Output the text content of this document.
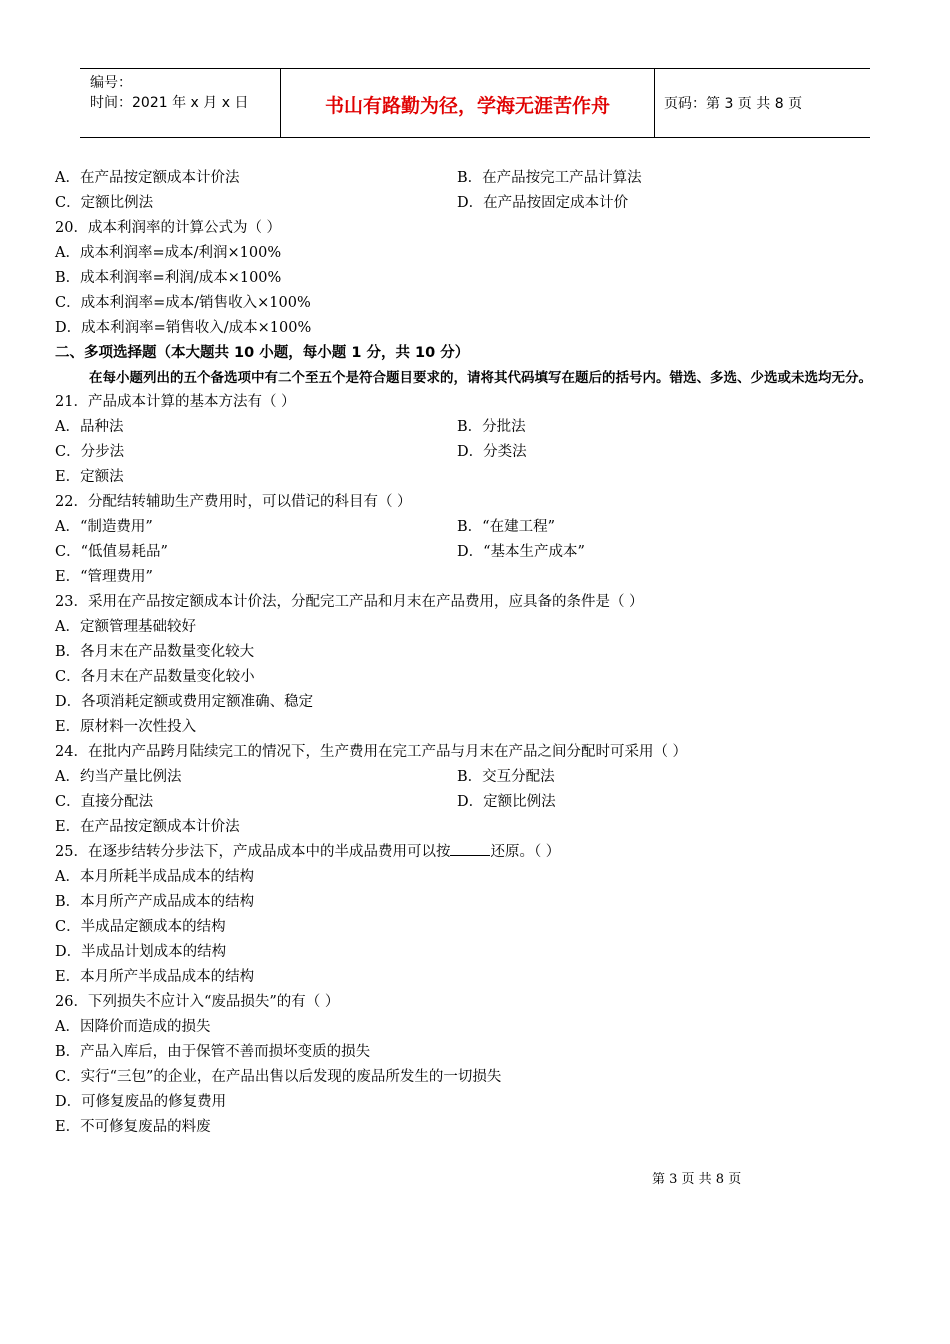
编号：
时间：2021 年 x 月 x 日	书山有路勤为径，学海无涯苦作舟	页码：第 3 页 共 8 页
A．在产品按定额成本计价法	B．在产品按完工产品计算法
C．定额比例法	D．在产品按固定成本计价
20．成本利润率的计算公式为（ ）
A．成本利润率=成本/利润×100%
B．成本利润率=利润/成本×100%
C．成本利润率=成本/销售收入×100%
D．成本利润率=销售收入/成本×100%
二、多项选择题（本大题共 10 小题，每小题 1 分，共 10 分）
在每小题列出的五个备选项中有二个至五个是符合题目要求的，请将其代码填写在题后的括号内。错选、多选、少选或未选均无分。
21．产品成本计算的基本方法有（ ）
A．品种法	B．分批法
C．分步法	D．分类法
E．定额法
22．分配结转辅助生产费用时，可以借记的科目有（ ）
A．“制造费用”	B．“在建工程”
C．“低值易耗品”	D．“基本生产成本”
E．“管理费用”
23．采用在产品按定额成本计价法，分配完工产品和月末在产品费用，应具备的条件是（ ）
A．定额管理基础较好
B．各月末在产品数量变化较大
C．各月末在产品数量变化较小
D．各项消耗定额或费用定额准确、稳定
E．原材料一次性投入
24．在批内产品跨月陆续完工的情况下，生产费用在完工产品与月末在产品之间分配时可采用（ ）
A．约当产量比例法	B．交互分配法
C．直接分配法	D．定额比例法
E．在产品按定额成本计价法
25．在逐步结转分步法下，产成品成本中的半成品费用可以按	还原。（ ）
A．本月所耗半成品成本的结构
B．本月所产产成品成本的结构
C．半成品定额成本的结构
D．半成品计划成本的结构
E．本月所产半成品成本的结构
26．下列损失不应计入“废品损失”的有（ ）
A．因降价而造成的损失
B．产品入库后，由于保管不善而损坏变质的损失
C．实行“三包”的企业，在产品出售以后发现的废品所发生的一切损失
D．可修复废品的修复费用
E．不可修复废品的料废
第 3 页 共 8 页
